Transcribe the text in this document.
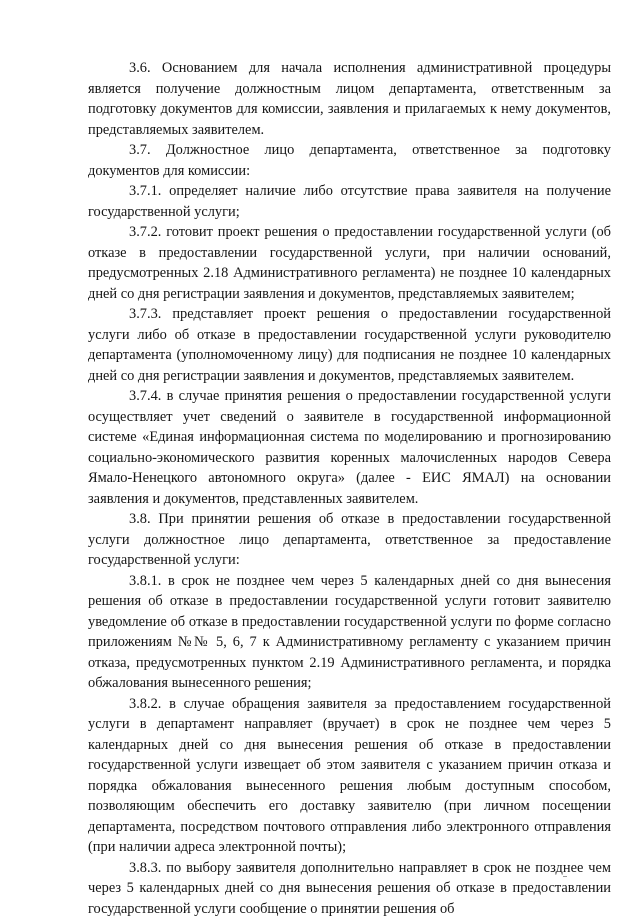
3.6. Основанием для начала исполнения административной процедуры является получение должностным лицом департамента, ответственным за подготовку документов для комиссии, заявления и прилагаемых к нему документов, представляемых заявителем.

3.7. Должностное лицо департамента, ответственное за подготовку документов для комиссии:

3.7.1. определяет наличие либо отсутствие права заявителя на получение государственной услуги;

3.7.2. готовит проект решения о предоставлении государственной услуги (об отказе в предоставлении государственной услуги, при наличии оснований, предусмотренных 2.18 Административного регламента) не позднее 10 календарных дней со дня регистрации заявления и документов, представляемых заявителем;

3.7.3. представляет проект решения о предоставлении государственной услуги либо об отказе в предоставлении государственной услуги руководителю департамента (уполномоченному лицу) для подписания не позднее 10 календарных дней со дня регистрации заявления и документов, представляемых заявителем.

3.7.4. в случае принятия решения о предоставлении государственной услуги осуществляет учет сведений о заявителе в государственной информационной системе «Единая информационная система по моделированию и прогнозированию социально-экономического развития коренных малочисленных народов Севера Ямало-Ненецкого автономного округа» (далее - ЕИС ЯМАЛ) на основании заявления и документов, представленных заявителем.

3.8. При принятии решения об отказе в предоставлении государственной услуги должностное лицо департамента, ответственное за предоставление государственной услуги:

3.8.1. в срок не позднее чем через 5 календарных дней со дня вынесения решения об отказе в предоставлении государственной услуги готовит заявителю уведомление об отказе в предоставлении государственной услуги по форме согласно приложениям №№ 5, 6, 7 к Административному регламенту с указанием причин отказа, предусмотренных пунктом 2.19 Административного регламента, и порядка обжалования вынесенного решения;

3.8.2. в случае обращения заявителя за предоставлением государственной услуги в департамент направляет (вручает) в срок не позднее чем через 5 календарных дней со дня вынесения решения об отказе в предоставлении государственной услуги извещает об этом заявителя с указанием причин отказа и порядка обжалования вынесенного решения любым доступным способом, позволяющим обеспечить его доставку заявителю (при личном посещении департамента, посредством почтового отправления либо электронного отправления (при наличии адреса электронной почты);

3.8.3. по выбору заявителя дополнительно направляет в срок не позднее чем через 5 календарных дней со дня вынесения решения об отказе в предоставлении государственной услуги сообщение о принятии решения об
